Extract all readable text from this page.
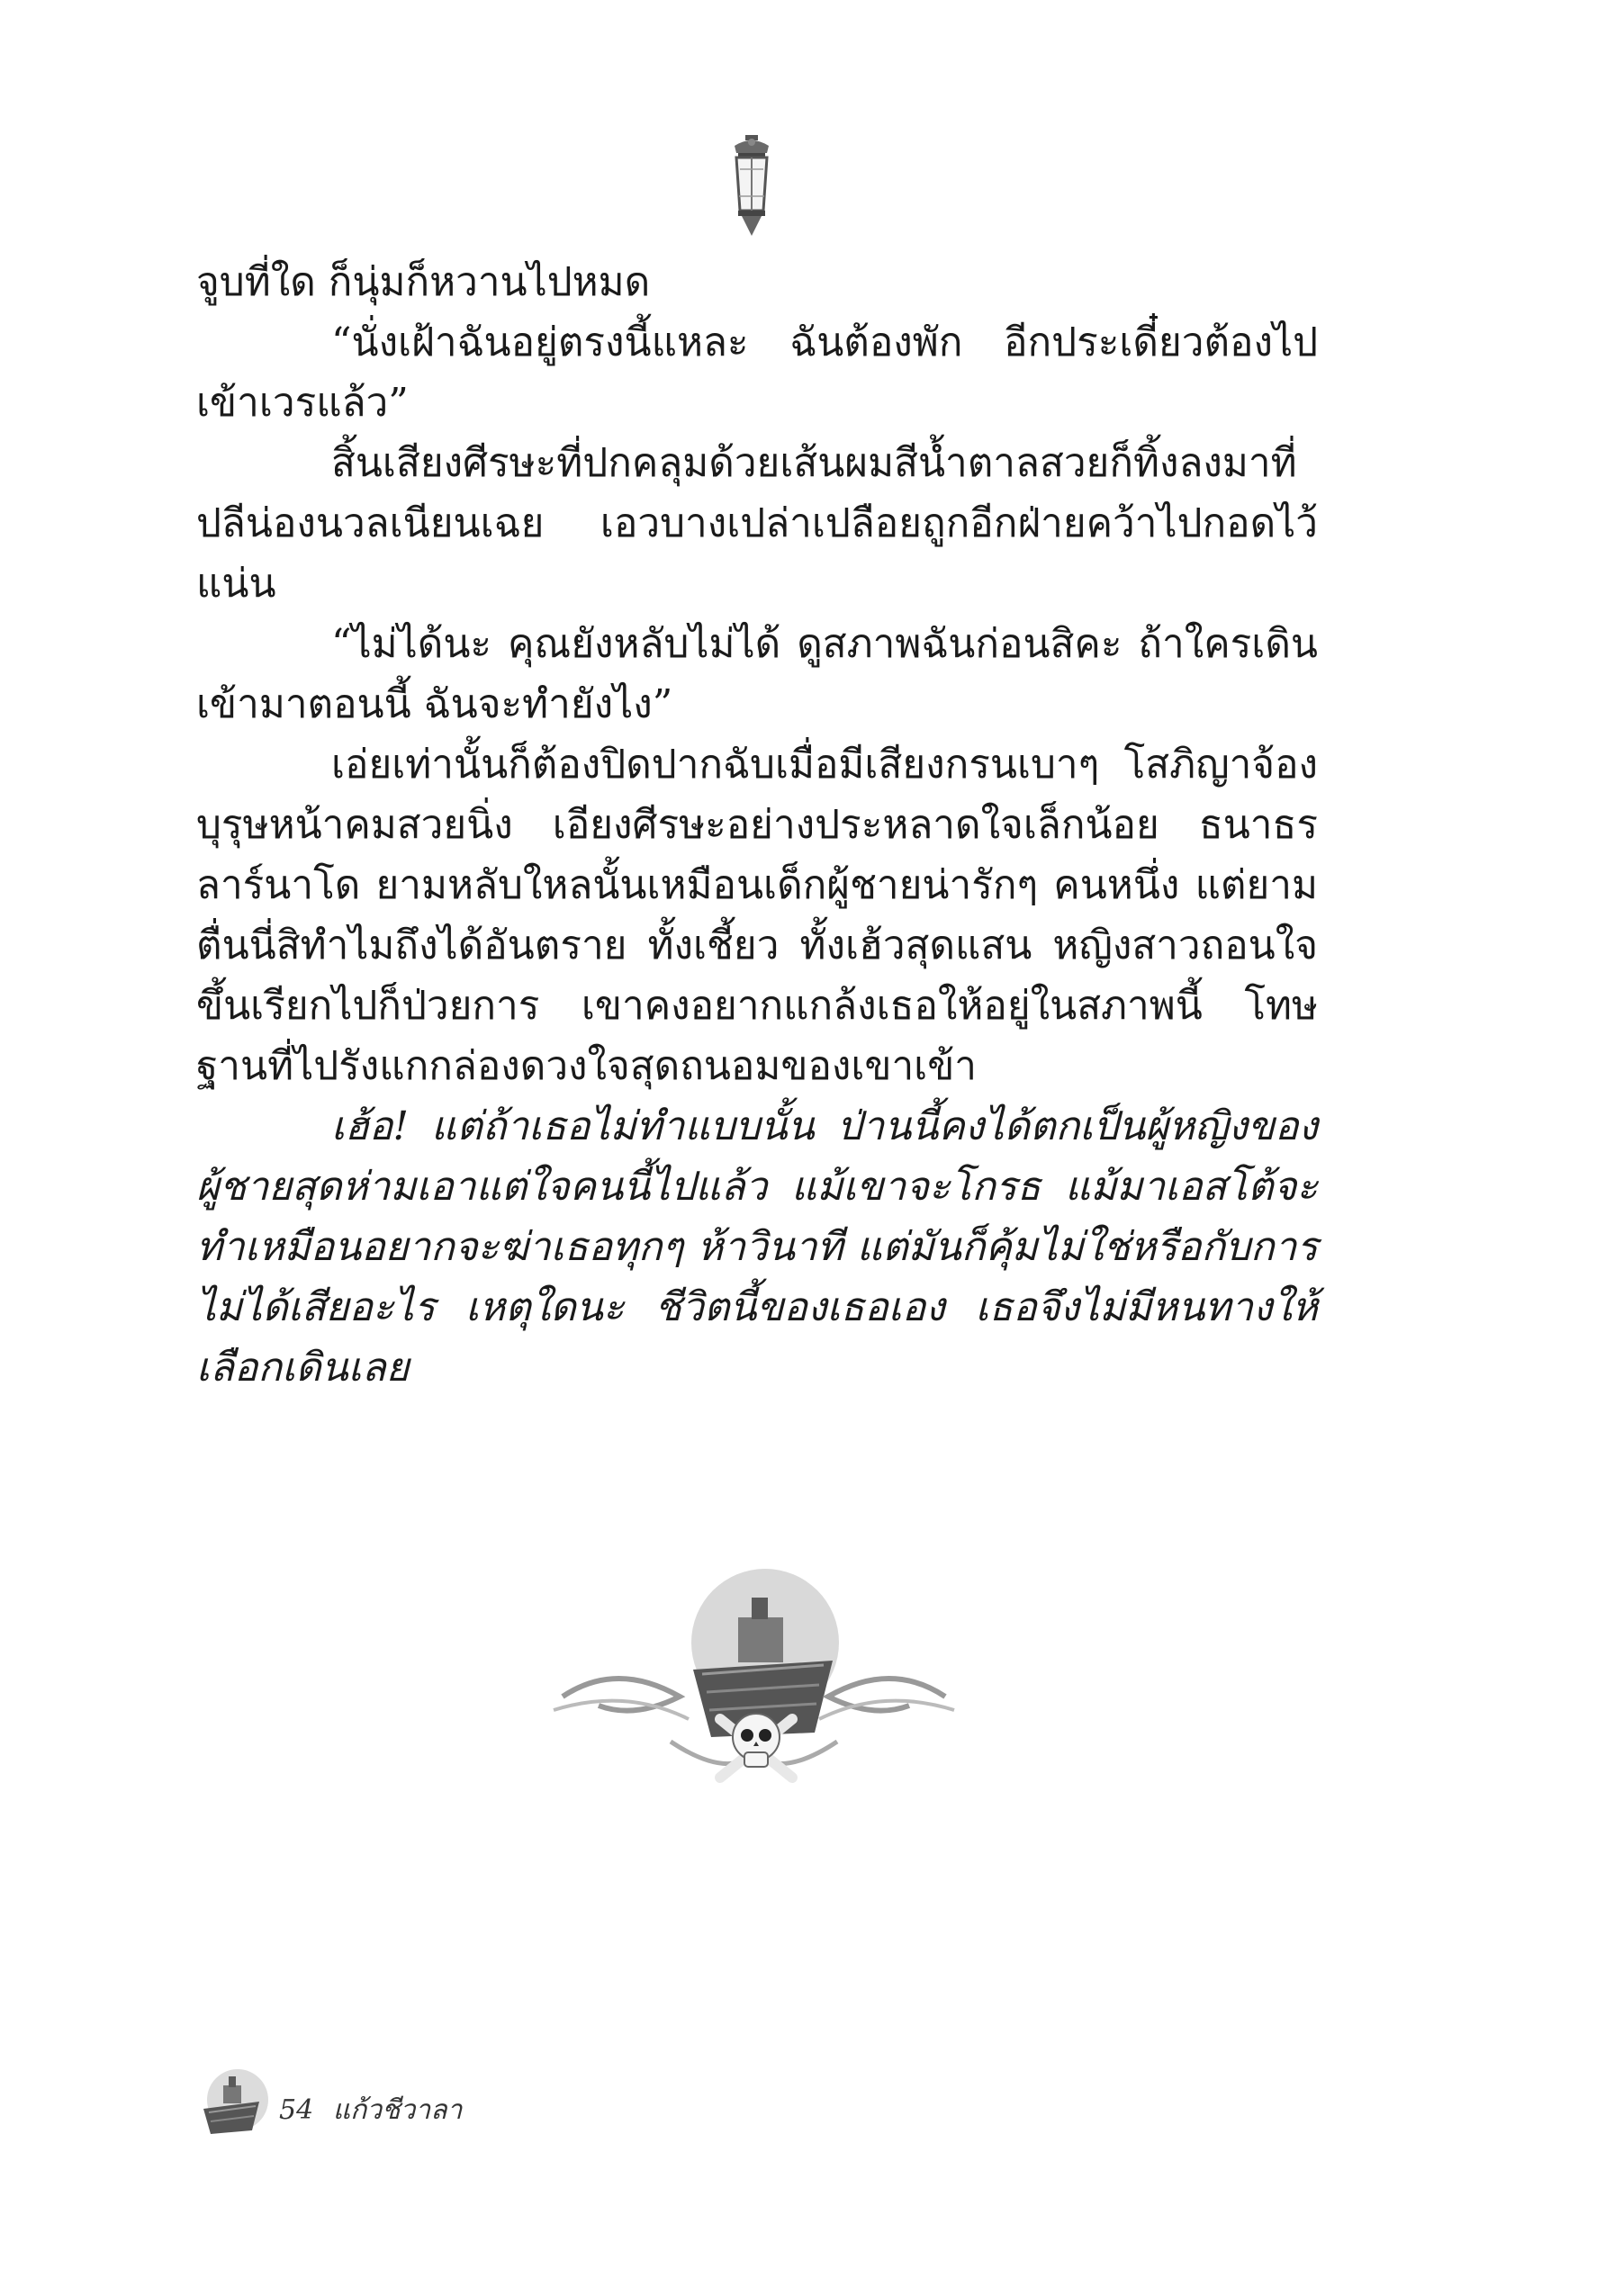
จูบที่ใด ก็นุ่มก็หวานไปหมด

“นั่งเฝ้าฉันอยู่ตรงนี้แหละ ฉันต้องพัก อีกประเดี๋ยวต้องไปเข้าเวรแล้ว”

สิ้นเสียงศีรษะที่ปกคลุมด้วยเส้นผมสีน้ำตาลสวยก็ทิ้งลงมาที่ปลีน่องนวลเนียนเฉย เอวบางเปล่าเปลือยถูกอีกฝ่ายคว้าไปกอดไว้แน่น

“ไม่ได้นะ คุณยังหลับไม่ได้ ดูสภาพฉันก่อนสิคะ ถ้าใครเดินเข้ามาตอนนี้ ฉันจะทำยังไง”

เอ่ยเท่านั้นก็ต้องปิดปากฉับเมื่อมีเสียงกรนเบาๆ โสภิญาจ้องบุรุษหน้าคมสวยนิ่ง เอียงศีรษะอย่างประหลาดใจเล็กน้อย ธนาธร ลาร์นาโด ยามหลับใหลนั้นเหมือนเด็กผู้ชายน่ารักๆ คนหนึ่ง แต่ยามตื่นนี่สิทำไมถึงได้อันตราย ทั้งเชี้ยว ทั้งเฮ้วสุดแสน หญิงสาวถอนใจ ขึ้นเรียกไปก็ป่วยการ เขาคงอยากแกล้งเธอให้อยู่ในสภาพนี้ โทษฐานที่ไปรังแกกล่องดวงใจสุดถนอมของเขาเข้า

เฮ้อ! แต่ถ้าเธอไม่ทำแบบนั้น ป่านนี้คงได้ตกเป็นผู้หญิงของผู้ชายสุดห่ามเอาแต่ใจคนนี้ไปแล้ว แม้เขาจะโกรธ แม้มาเอสโต้จะทำเหมือนอยากจะฆ่าเธอทุกๆ ห้าวินาที แต่มันก็คุ้มไม่ใช่หรือกับการไม่ได้เสียอะไร เหตุใดนะ ชีวิตนี้ของเธอเอง เธอจึงไม่มีหนทางให้เลือกเดินเลย

54 แก้วชีวาลา
